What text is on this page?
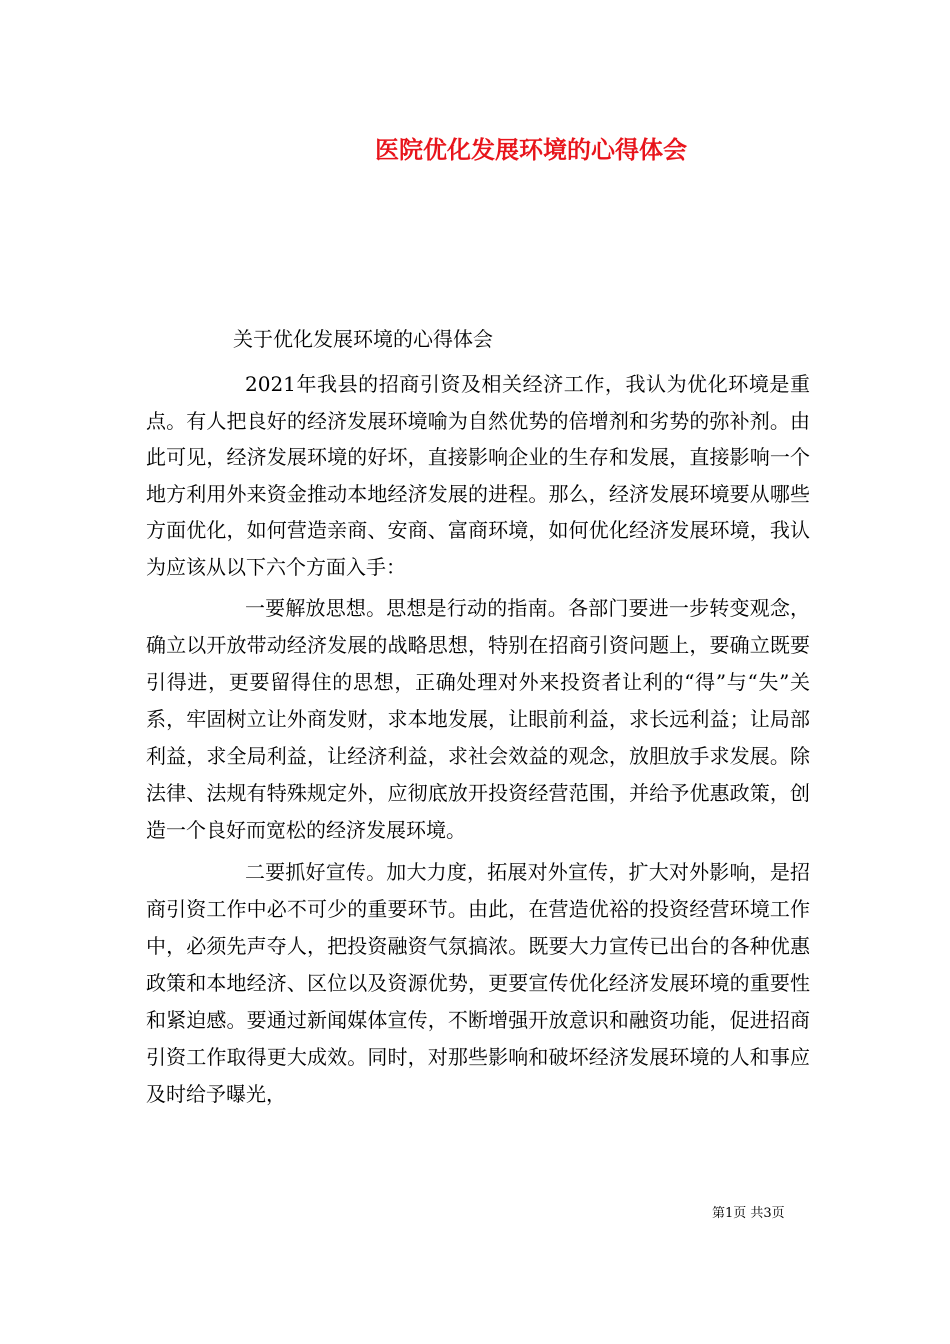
医院优化发展环境的心得体会
关于优化发展环境的心得体会

2021年我县的招商引资及相关经济工作，我认为优化环境是重点。有人把良好的经济发展环境喻为自然优势的倍增剂和劣势的弥补剂。由此可见，经济发展环境的好坏，直接影响企业的生存和发展，直接影响一个地方利用外来资金推动本地经济发展的进程。那么，经济发展环境要从哪些方面优化，如何营造亲商、安商、富商环境，如何优化经济发展环境，我认为应该从以下六个方面入手：

一要解放思想。思想是行动的指南。各部门要进一步转变观念，确立以开放带动经济发展的战略思想，特别在招商引资问题上，要确立既要引得进，更要留得住的思想，正确处理对外来投资者让利的“得”与“失”关系，牢固树立让外商发财，求本地发展，让眼前利益，求长远利益；让局部利益，求全局利益，让经济利益，求社会效益的观念，放胆放手求发展。除法律、法规有特殊规定外，应彻底放开投资经营范围，并给予优惠政策，创造一个良好而宽松的经济发展环境。

二要抓好宣传。加大力度，拓展对外宣传，扩大对外影响，是招商引资工作中必不可少的重要环节。由此，在营造优裕的投资经营环境工作中，必须先声夺人，把投资融资气氛搞浓。既要大力宣传已出台的各种优惠政策和本地经济、区位以及资源优势，更要宣传优化经济发展环境的重要性和紧迫感。要通过新闻媒体宣传，不断增强开放意识和融资功能，促进招商引资工作取得更大成效。同时，对那些影响和破坏经济发展环境的人和事应及时给予曝光，

第1页 共3页
